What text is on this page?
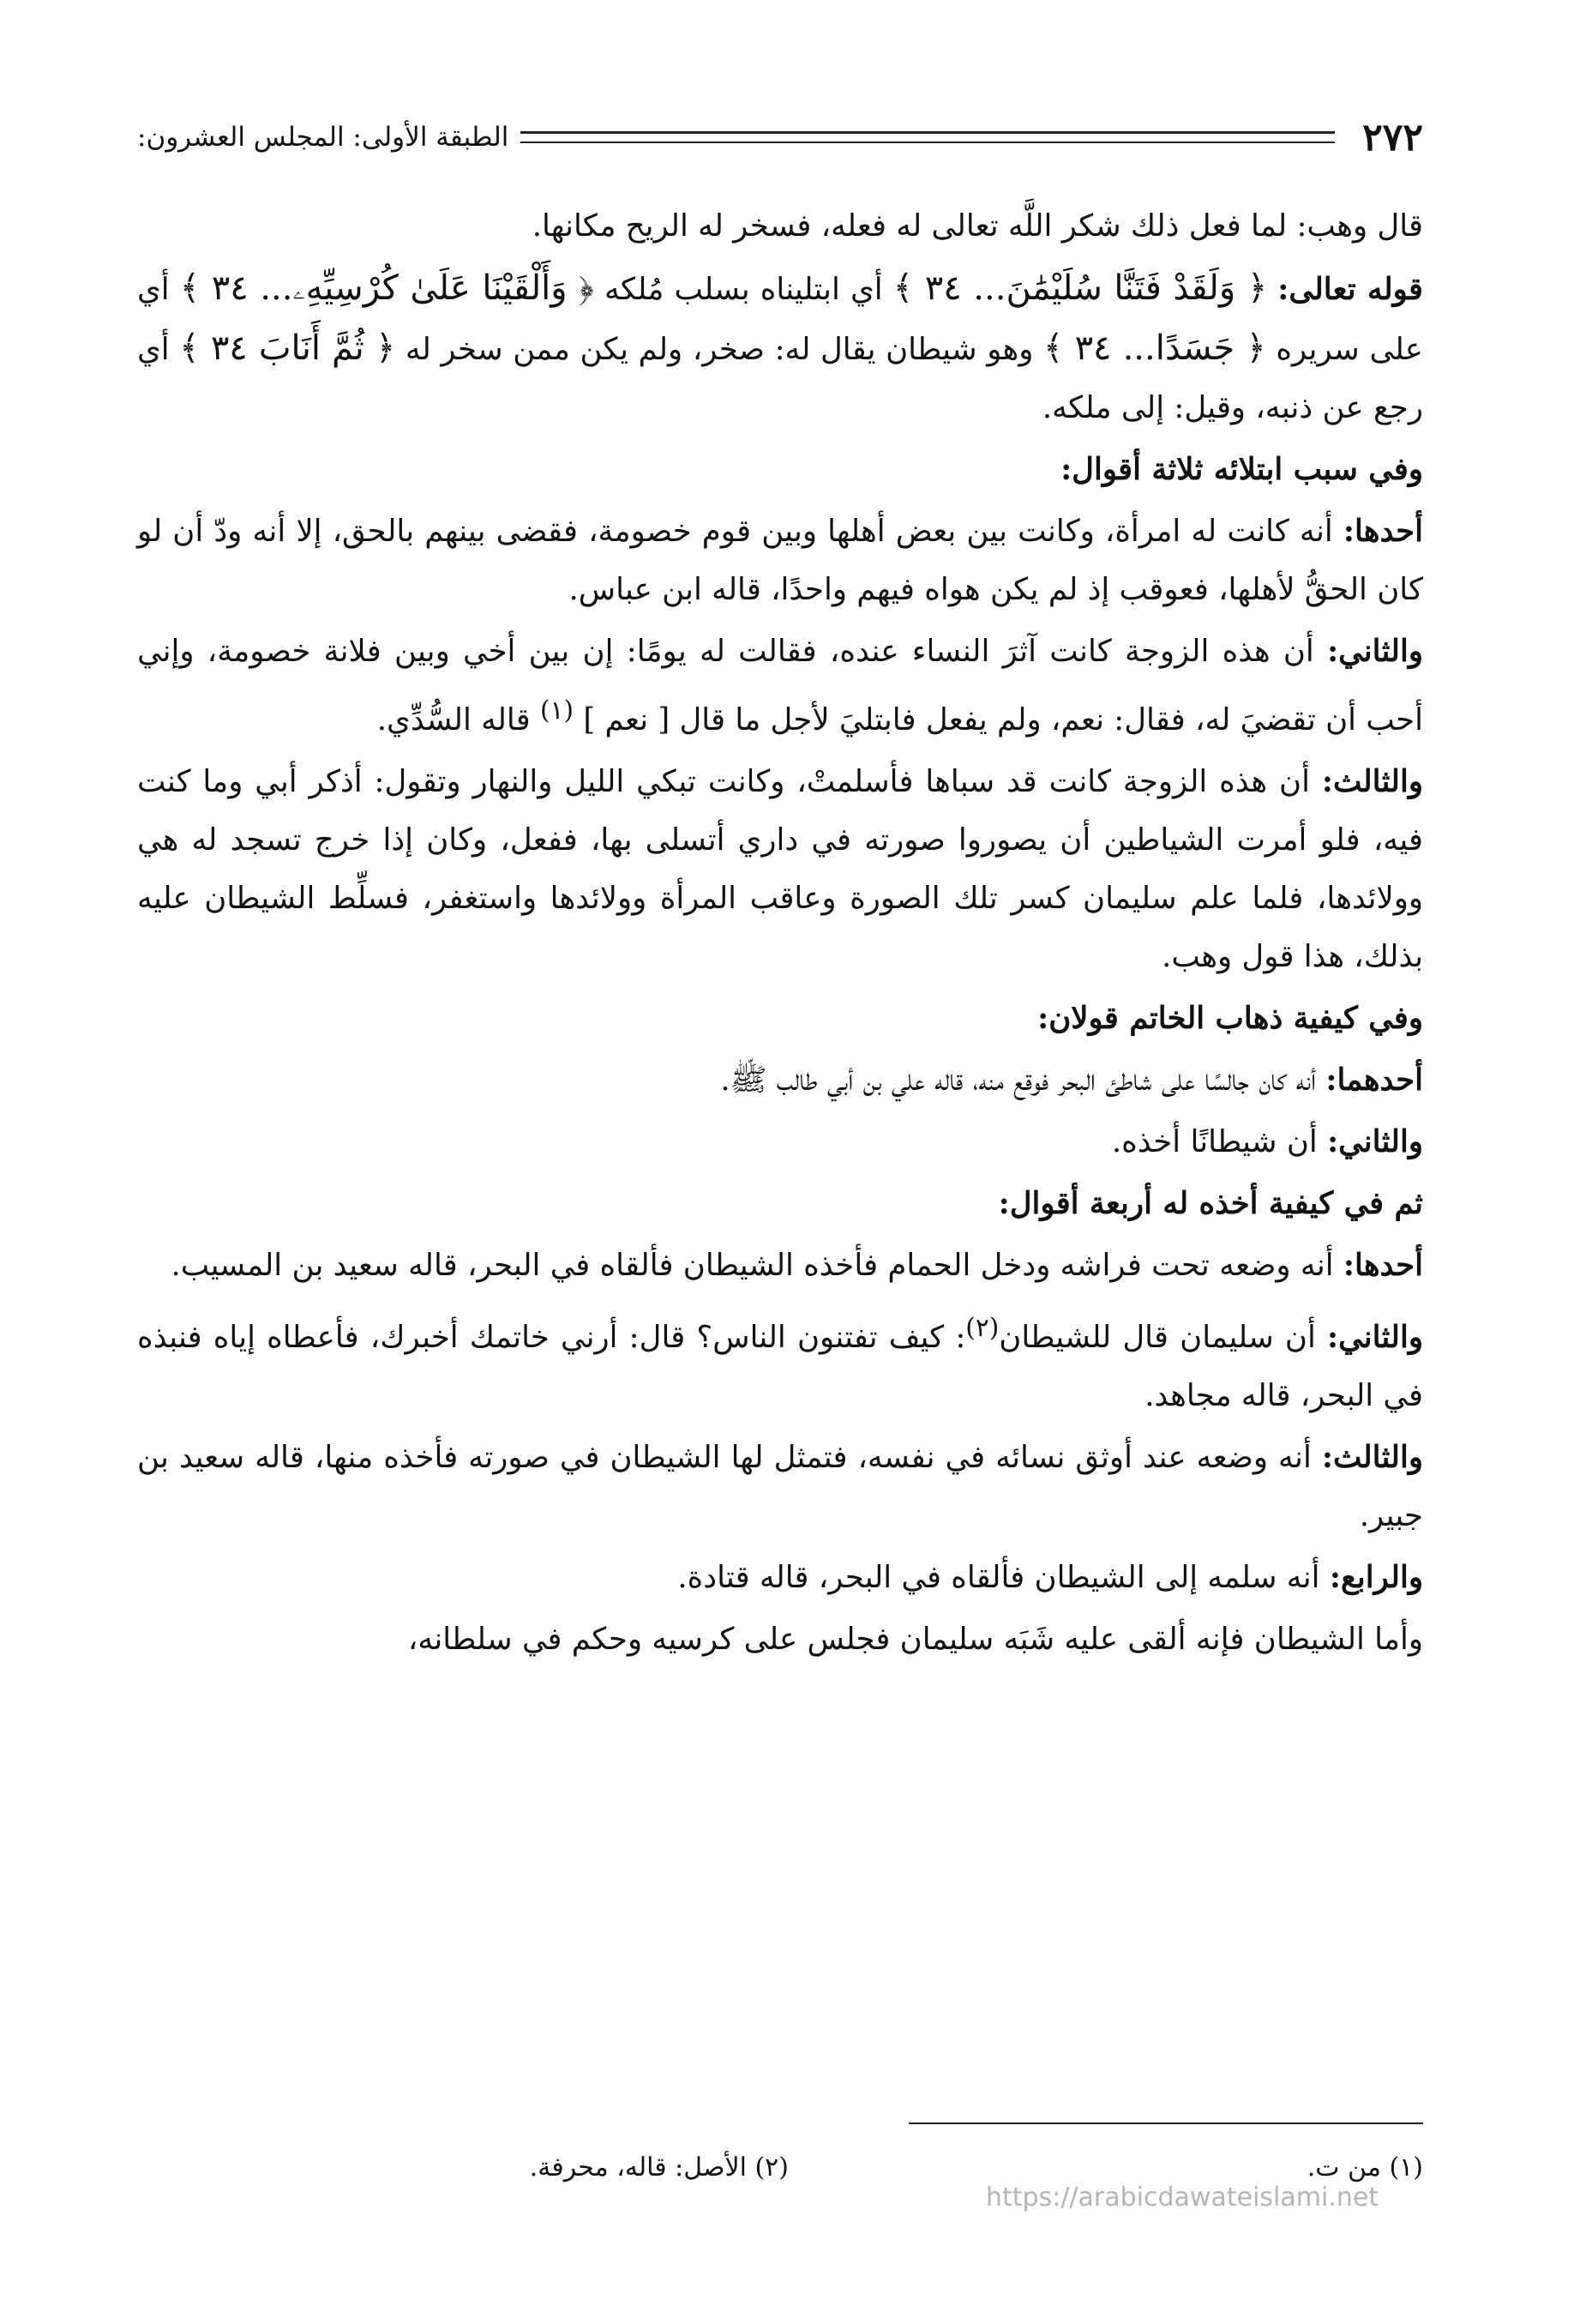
٢٧٢
الطبقة الأولى: المجلس العشرون:

قال وهب: لما فعل ذلك شكر اللَّه تعالى له فعله، فسخر له الريح مكانها.

قوله تعالى: ﴿ وَلَقَدْ فَتَنَّا سُلَيْمَٰنَ... ٣٤ ﴾ أي ابتليناه بسلب مُلكه ﴿ وَأَلْقَيْنَا عَلَىٰ كُرْسِيِّهِۦ... ٣٤ ﴾ أي على سريره ﴿ جَسَدًا... ٣٤ ﴾ وهو شيطان يقال له: صخر، ولم يكن ممن سخر له ﴿ ثُمَّ أَنَابَ ٣٤ ﴾ أي رجع عن ذنبه، وقيل: إلى ملكه.

وفي سبب ابتلائه ثلاثة أقوال:

أحدها: أنه كانت له امرأة، وكانت بين بعض أهلها وبين قوم خصومة، فقضى بينهم بالحق، إلا أنه ودّ أن لو كان الحقُّ لأهلها، فعوقب إذ لم يكن هواه فيهم واحدًا، قاله ابن عباس.

والثاني: أن هذه الزوجة كانت آثرَ النساء عنده، فقالت له يومًا: إن بين أخي وبين فلانة خصومة، وإني أحب أن تقضيَ له، فقال: نعم، ولم يفعل فابتليَ لأجل ما قال [ نعم ] $^{(١)}$ قاله السُّدِّي.

والثالث: أن هذه الزوجة كانت قد سباها فأسلمتْ، وكانت تبكي الليل والنهار وتقول: أذكر أبي وما كنت فيه، فلو أمرت الشياطين أن يصوروا صورته في داري أتسلى بها، ففعل، وكان إذا خرج تسجد له هي وولائدها، فلما علم سليمان كسر تلك الصورة وعاقب المرأة وولائدها واستغفر، فسلِّط الشيطان عليه بذلك، هذا قول وهب.

وفي كيفية ذهاب الخاتم قولان:

أحدهما: أنه كان جالسًا على شاطئ البحر فوقع منه، قاله علي بن أبي طالب ﷺ.

والثاني: أن شيطانًا أخذه.

ثم في كيفية أخذه له أربعة أقوال:

أحدها: أنه وضعه تحت فراشه ودخل الحمام فأخذه الشيطان فألقاه في البحر، قاله سعيد بن المسيب.

والثاني: أن سليمان قال للشيطان$^{(٢)}$: كيف تفتنون الناس؟ قال: أرني خاتمك أخبرك، فأعطاه إياه فنبذه في البحر، قاله مجاهد.

والثالث: أنه وضعه عند أوثق نسائه في نفسه، فتمثل لها الشيطان في صورته فأخذه منها، قاله سعيد بن جبير.

والرابع: أنه سلمه إلى الشيطان فألقاه في البحر، قاله قتادة.

وأما الشيطان فإنه ألقى عليه شَبَه سليمان فجلس على كرسيه وحكم في سلطانه،

(١) من ت.
(٢) الأصل: قاله، محرفة.
https://arabicdawateislami.net
